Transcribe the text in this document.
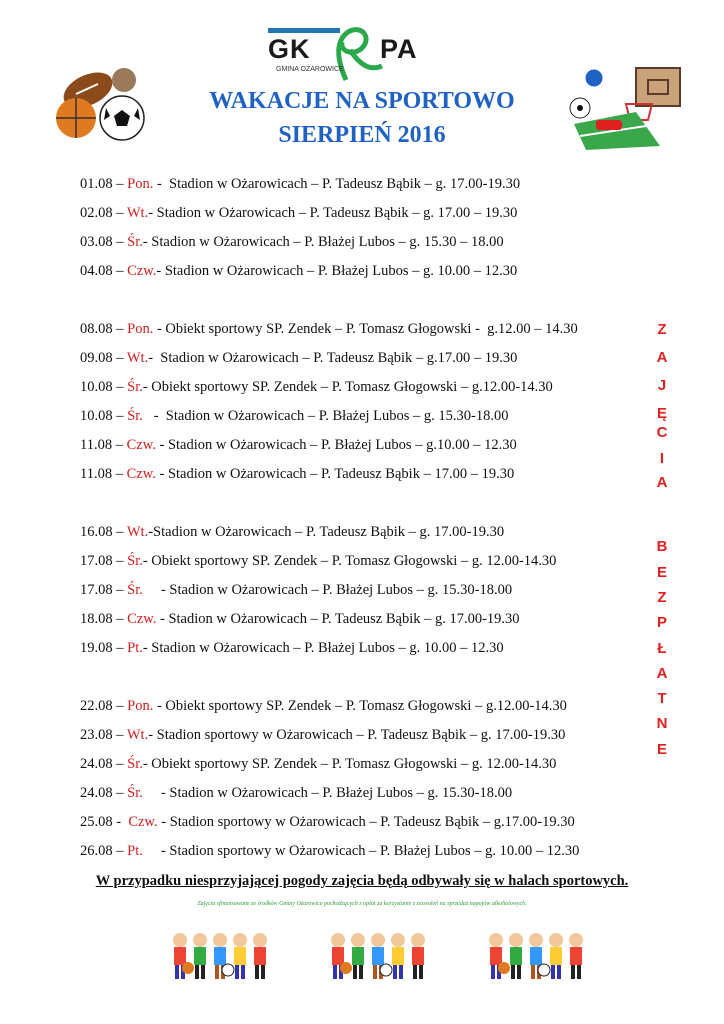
GK	PA
GMINA OŻAROWICE
WAKACJE NA SPORTOWO
SIERPIEŃ 2016
01.08 – Pon. -  Stadion w Ożarowicach – P. Tadeusz Bąbik – g. 17.00-19.30
02.08 – Wt.- Stadion w Ożarowicach – P. Tadeusz Bąbik – g. 17.00 – 19.30
03.08 – Śr.- Stadion w Ożarowicach – P. Błażej Lubos – g. 15.30 – 18.00
04.08 – Czw.- Stadion w Ożarowicach – P. Błażej Lubos – g. 10.00 – 12.30
08.08 – Pon. - Obiekt sportowy SP. Zendek – P. Tomasz Głogowski -  g.12.00 – 14.30
09.08 – Wt.-  Stadion w Ożarowicach – P. Tadeusz Bąbik – g.17.00 – 19.30
10.08 – Śr.- Obiekt sportowy SP. Zendek – P. Tomasz Głogowski – g.12.00-14.30
10.08 – Śr.   -  Stadion w Ożarowicach – P. Błażej Lubos – g. 15.30-18.00
11.08 – Czw. - Stadion w Ożarowicach – P. Błażej Lubos – g.10.00 – 12.30
11.08 – Czw. - Stadion w Ożarowicach – P. Tadeusz Bąbik – 17.00 – 19.30
16.08 – Wt.-Stadion w Ożarowicach – P. Tadeusz Bąbik – g. 17.00-19.30
17.08 – Śr.- Obiekt sportowy SP. Zendek – P. Tomasz Głogowski – g. 12.00-14.30
17.08 – Śr.     - Stadion w Ożarowicach – P. Błażej Lubos – g. 15.30-18.00
18.08 – Czw. - Stadion w Ożarowicach – P. Tadeusz Bąbik – g. 17.00-19.30
19.08 – Pt.- Stadion w Ożarowicach – P. Błażej Lubos – g. 10.00 – 12.30
22.08 – Pon. - Obiekt sportowy SP. Zendek – P. Tomasz Głogowski – g.12.00-14.30
23.08 – Wt.- Stadion sportowy w Ożarowicach – P. Tadeusz Bąbik – g. 17.00-19.30
24.08 – Śr.- Obiekt sportowy SP. Zendek – P. Tomasz Głogowski – g. 12.00-14.30
24.08 – Śr.     - Stadion w Ożarowicach – P. Błażej Lubos – g. 15.30-18.00
25.08 -  Czw. - Stadion sportowy w Ożarowicach – P. Tadeusz Bąbik – g.17.00-19.30
26.08 – Pt.     - Stadion sportowy w Ożarowicach – P. Błażej Lubos – g. 10.00 – 12.30
Z
A
J
Ę
C
I
A
B
E
Z
P
Ł
A
T
N
E
W przypadku niesprzyjającej pogody zajęcia będą odbywały się w halach sportowych.
Zajęcia sfinansowane ze środków Gminy Ożarowice pochodzących z opłat za korzystanie z zezwoleń na sprzedaż napojów alkoholowych.
